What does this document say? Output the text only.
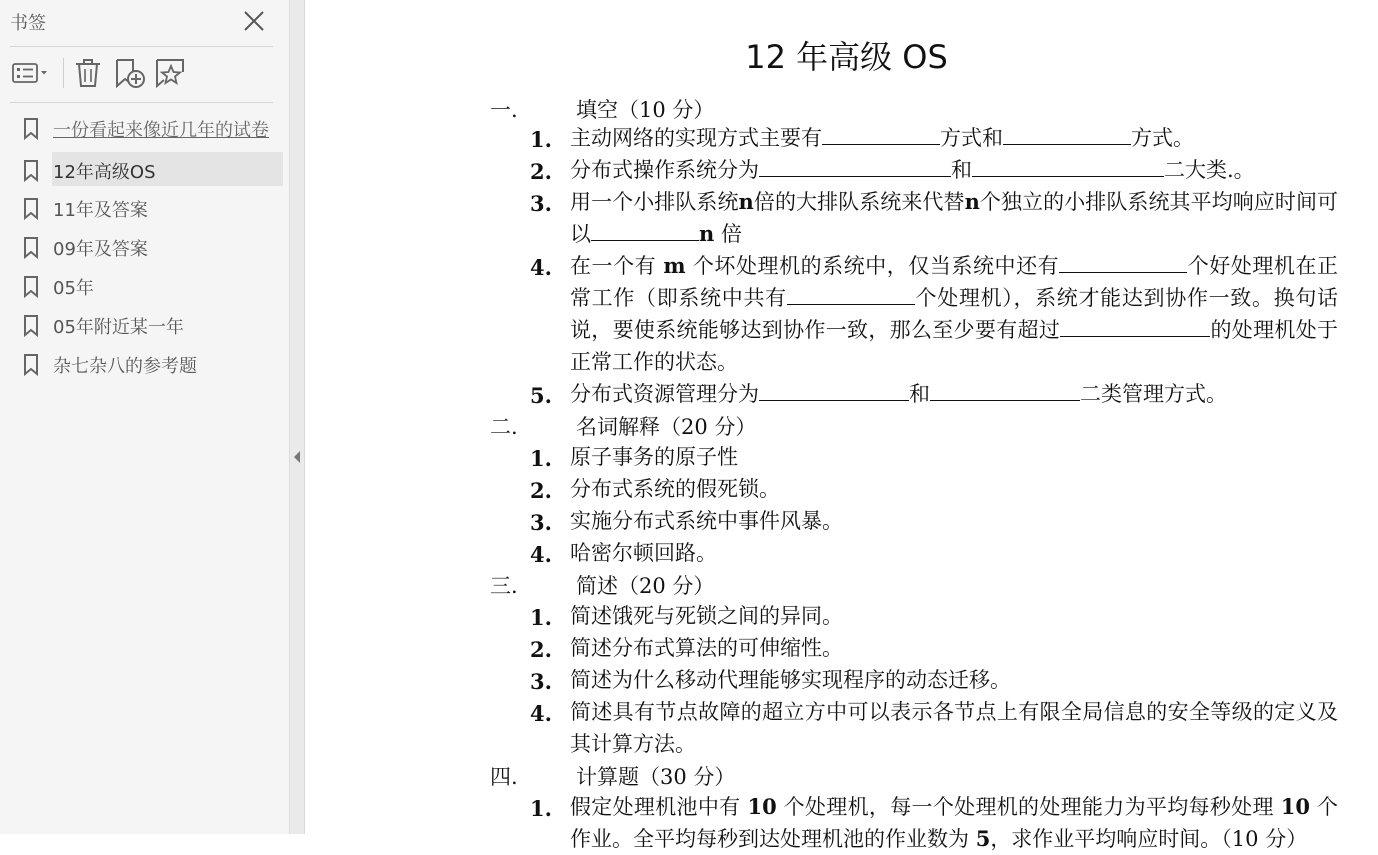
书签
一份看起来像近几年的试卷
12年高级OS
11年及答案
09年及答案
05年
05年附近某一年
杂七杂八的参考题
12 年高级 OS
一.	填空（10 分）
1. 主动网络的实现方式主要有	方式和	方式。
2. 分布式操作系统分为	和	二大类.。
3. 用一个小排队系统n倍的大排队系统来代替n个独立的小排队系统其平均响应时间可以	n 倍
4. 在一个有 m 个坏处理机的系统中，仅当系统中还有	个好处理机在正常工作（即系统中共有	个处理机），系统才能达到协作一致。换句话说，要使系统能够达到协作一致，那么至少要有超过	的处理机处于正常工作的状态。
5. 分布式资源管理分为	和	二类管理方式。
二.	名词解释（20 分）
1. 原子事务的原子性
2. 分布式系统的假死锁。
3. 实施分布式系统中事件风暴。
4. 哈密尔顿回路。
三.	简述（20 分）
1. 简述饿死与死锁之间的异同。
2. 简述分布式算法的可伸缩性。
3. 简述为什么移动代理能够实现程序的动态迁移。
4. 简述具有节点故障的超立方中可以表示各节点上有限全局信息的安全等级的定义及其计算方法。
四.	计算题（30 分）
1. 假定处理机池中有 10 个处理机，每一个处理机的处理能力为平均每秒处理 10 个作业。全平均每秒到达处理机池的作业数为 5，求作业平均响应时间。（10 分）
